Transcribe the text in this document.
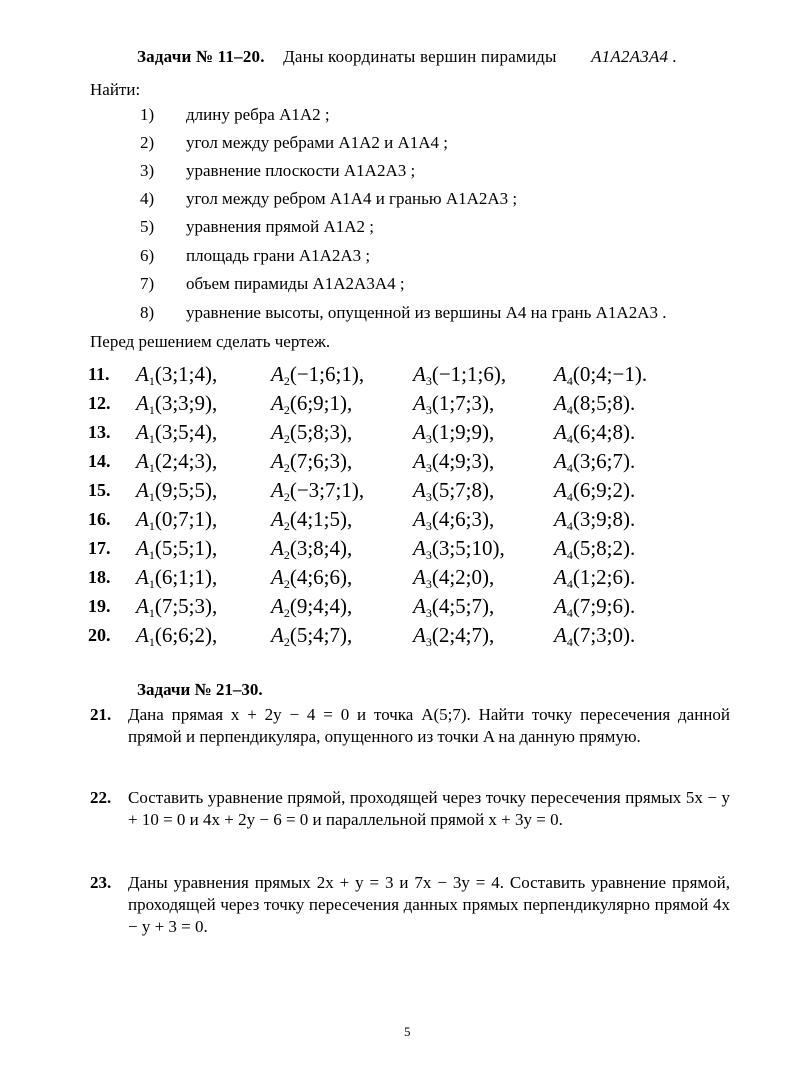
Задачи № 11–20. Даны координаты вершин пирамиды A1A2A3A4 .
Найти:
1) длину ребра A1A2 ;
2) угол между ребрами A1A2 и A1A4 ;
3) уравнение плоскости A1A2A3 ;
4) угол между ребром A1A4 и гранью A1A2A3 ;
5) уравнения прямой A1A2 ;
6) площадь грани A1A2A3 ;
7) объем пирамиды A1A2A3A4 ;
8) уравнение высоты, опущенной из вершины A4 на грань A1A2A3 .
Перед решением сделать чертеж.
11. $A_1(3;1;4)$,	$A_2(-1;6;1)$, $A_3(-1;1;6)$, $A_4(0;4;-1)$.
12. $A_1(3;3;9)$,	$A_2(6;9;1)$,	$A_3(1;7;3)$,	$A_4(8;5;8)$.
13. $A_1(3;5;4)$,	$A_2(5;8;3)$,	$A_3(1;9;9)$,	$A_4(6;4;8)$.
14. $A_1(2;4;3)$,	$A_2(7;6;3)$,	$A_3(4;9;3)$,	$A_4(3;6;7)$.
15. $A_1(9;5;5)$,	$A_2(-3;7;1)$, $A_3(5;7;8)$,	$A_4(6;9;2)$.
16. $A_1(0;7;1)$,	$A_2(4;1;5)$,	$A_3(4;6;3)$,	$A_4(3;9;8)$.
17. $A_1(5;5;1)$,	$A_2(3;8;4)$,	$A_3(3;5;10)$, $A_4(5;8;2)$.
18. $A_1(6;1;1)$,	$A_2(4;6;6)$,	$A_3(4;2;0)$,	$A_4(1;2;6)$.
19. $A_1(7;5;3)$,	$A_2(9;4;4)$,	$A_3(4;5;7)$,	$A_4(7;9;6)$.
20. $A_1(6;6;2)$,	$A_2(5;4;7)$,	$A_3(2;4;7)$,	$A_4(7;3;0)$.
Задачи № 21–30.
21. Дана прямая x + 2y − 4 = 0 и точка A(5;7). Найти точку пересечения данной прямой и перпендикуляра, опущенного из точки A на данную прямую.
22. Составить уравнение прямой, проходящей через точку пересечения прямых 5x − y + 10 = 0 и 4x + 2y − 6 = 0 и параллельной прямой x + 3y = 0.
23. Даны уравнения прямых 2x + y = 3 и 7x − 3y = 4. Составить уравнение прямой, проходящей через точку пересечения данных прямых перпендикулярно прямой 4x − y + 3 = 0.
5
